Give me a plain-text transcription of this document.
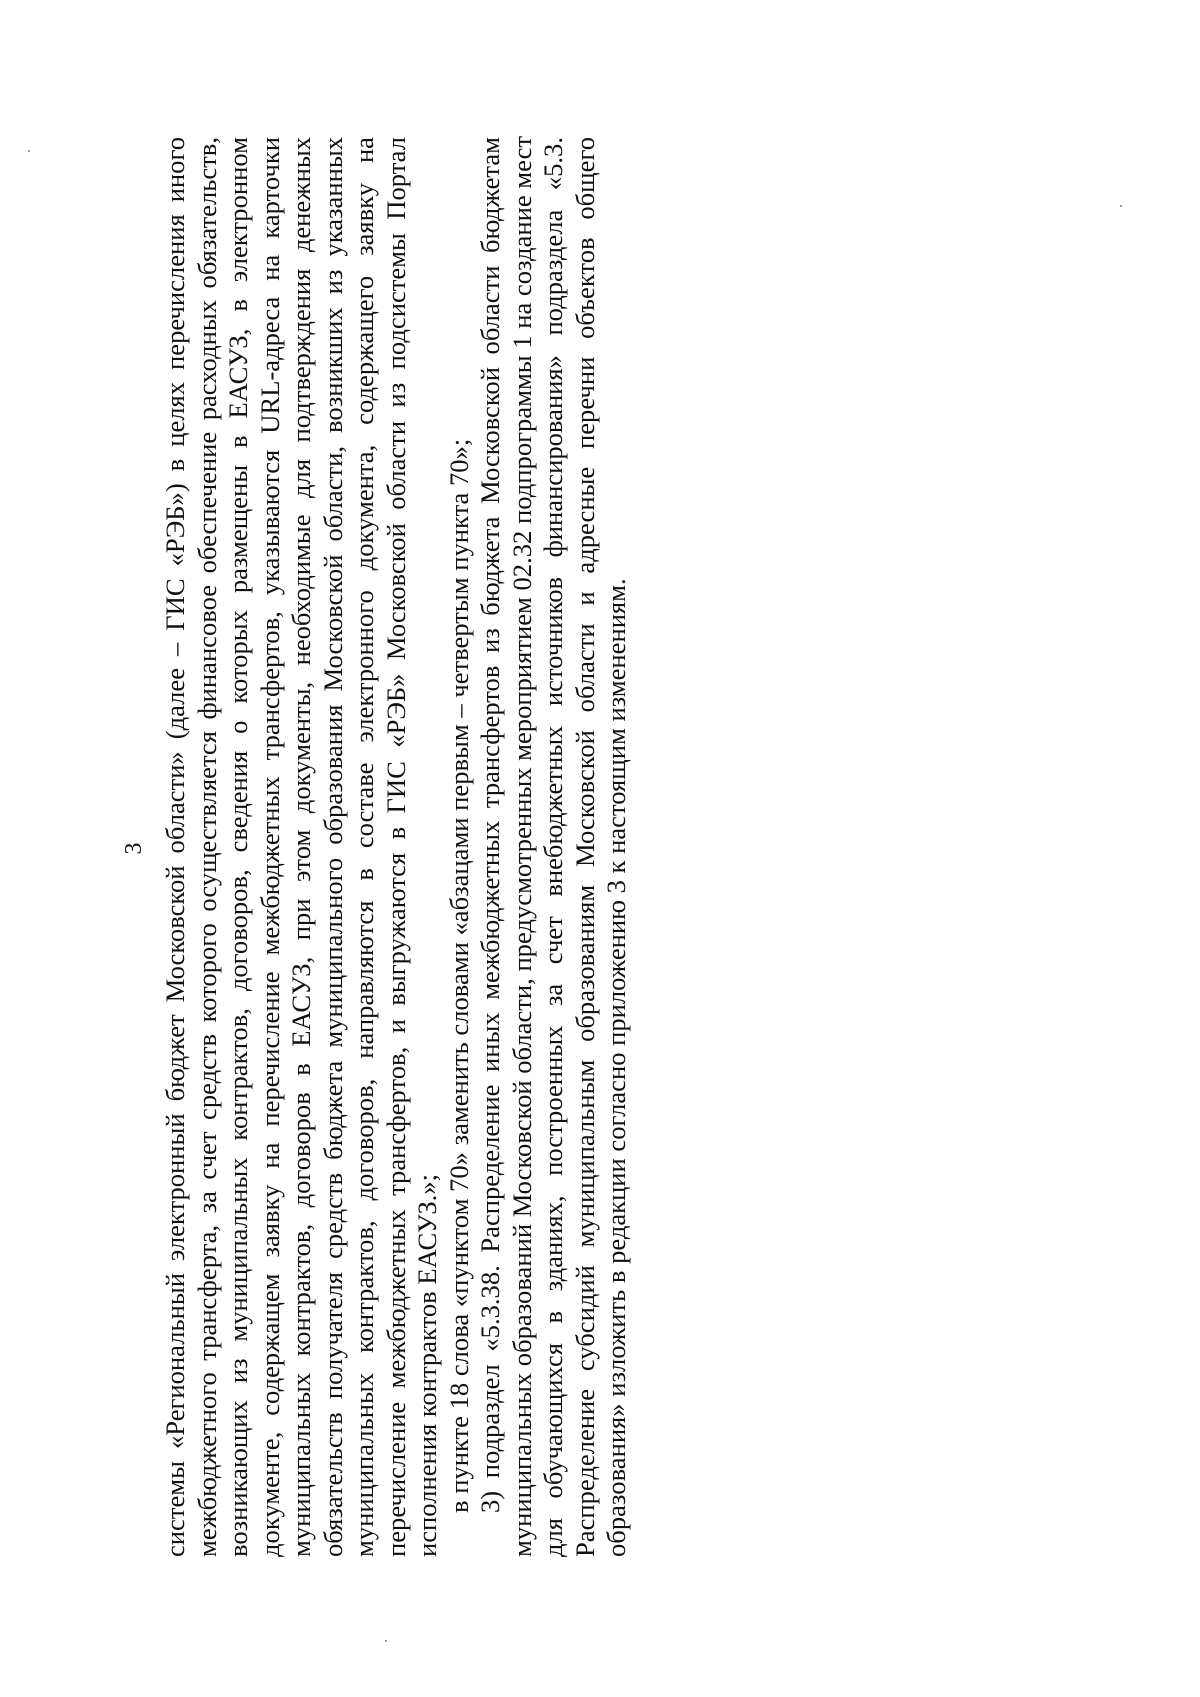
3 системы «Региональный электронный бюджет Московской области» (далее – ГИС «РЭБ») в целях перечисления иного межбюджетного трансферта, за счет средств которого осуществляется финансовое обеспечение расходных обязательств, возникающих из муниципальных контрактов, договоров, сведения о которых размещены в ЕАСУЗ, в электронном документе, содержащем заявку на перечисление межбюджетных трансфертов, указываются URL-адреса на карточки муниципальных контрактов, договоров в ЕАСУЗ, при этом документы, необходимые для подтверждения денежных обязательств получателя средств бюджета муниципального образования Московской области, возникших из указанных муниципальных контрактов, договоров, направляются в составе электронного документа, содержащего заявку на перечисление межбюджетных трансфертов, и выгружаются в ГИС «РЭБ» Московской области из подсистемы Портал исполнения контрактов ЕАСУЗ.»; в пункте 18 слова «пунктом 70» заменить словами «абзацами первым – четвертым пункта 70»; 3) подраздел «5.3.38. Распределение иных межбюджетных трансфертов из бюджета Московской области бюджетам муниципальных образований Московской области, предусмотренных мероприятием 02.32 подпрограммы 1 на создание мест для обучающихся в зданиях, построенных за счет внебюджетных источников финансирования» подраздела «5.3. Распределение субсидий муниципальным образованиям Московской области и адресные перечни объектов общего образования» изложить в редакции согласно приложению 3 к настоящим изменениям.
